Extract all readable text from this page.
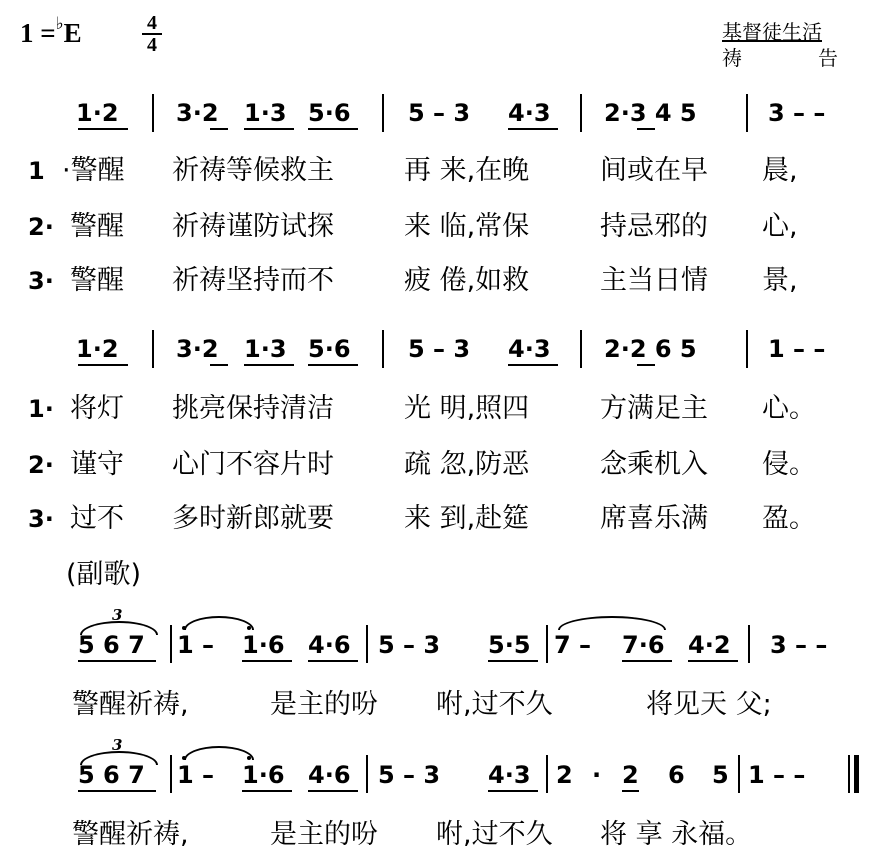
1 =♭E	4
4
基督徒生活
祷	告
1·2 3·2 1·3 5·6 5 – 3 4·3 2·3 4 5	3 – –
1 ·警醒 祈祷等候救主	再 来,在晚	间或在早 晨,
2· 警醒 祈祷谨防试探	来 临,常保	持忌邪的 心,
3· 警醒 祈祷坚持而不	疲 倦,如救	主当日情 景,
1·2 3·2 1·3 5·6 5 – 3 4·3 2·2 6 5	1 – –
1· 将灯 挑亮保持清洁	光 明,照四	方满足主 心。
2· 谨守 心门不容片时	疏 忽,防恶	念乘机入 侵。
3· 过不 多时新郎就要	来 到,赴筵	席喜乐满 盈。
(副歌)
3
5 6 7 1 – 1·6 4·6 5 – 3 5·5 7 – 7·6 4·2 3 – –
警醒祈祷,	是主的吩 咐,过不久	将见天 父;
3
5 6 7 1 – 1·6 4·6 5 – 3 4·3 2 · 2 6 5 1 – –
警醒祈祷,	是主的吩 咐,过不久 将 享 永福。
